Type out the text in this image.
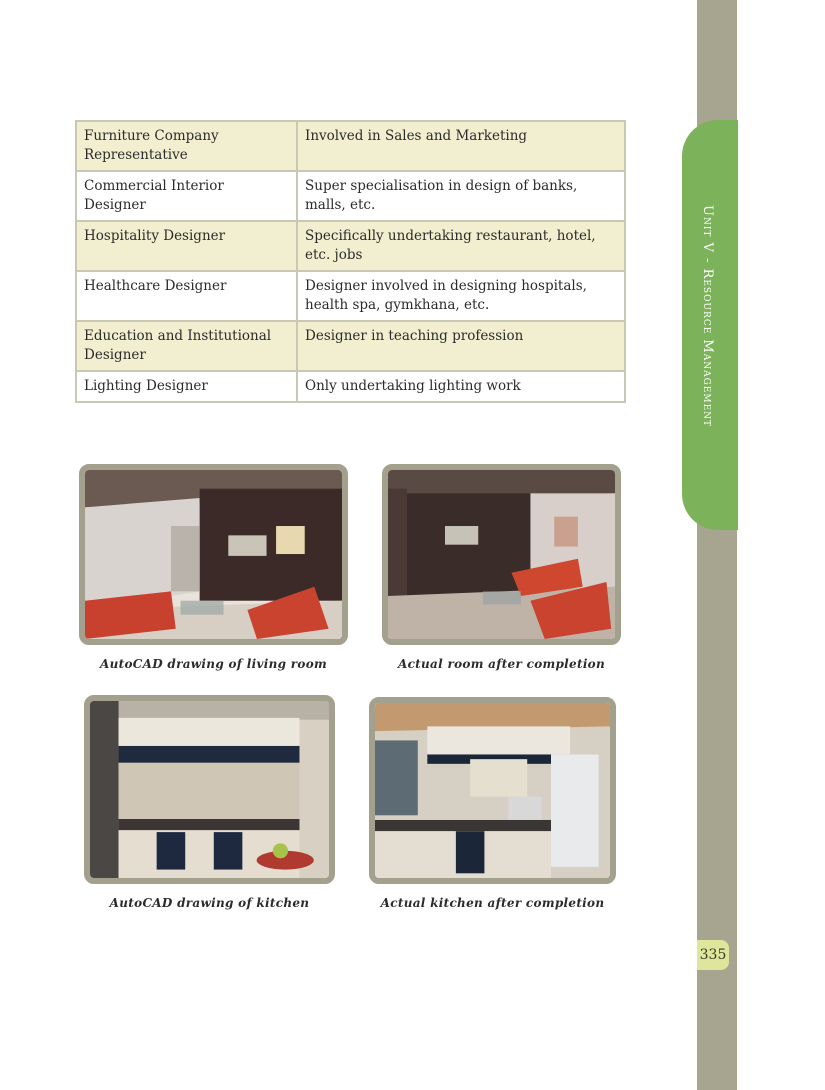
Unit V - Resource Management
335
Furniture Company Representative	Involved in Sales and Marketing
Commercial Interior Designer	Super specialisation in design of banks, malls, etc.
Hospitality Designer	Specifically undertaking restaurant, hotel, etc. jobs
Healthcare Designer	Designer involved in designing hospitals, health spa, gymkhana, etc.
Education and Institutional Designer	Designer in teaching profession
Lighting Designer	Only undertaking lighting work
AutoCAD drawing of living room	Actual room after completion
AutoCAD drawing of kitchen	Actual kitchen after completion
